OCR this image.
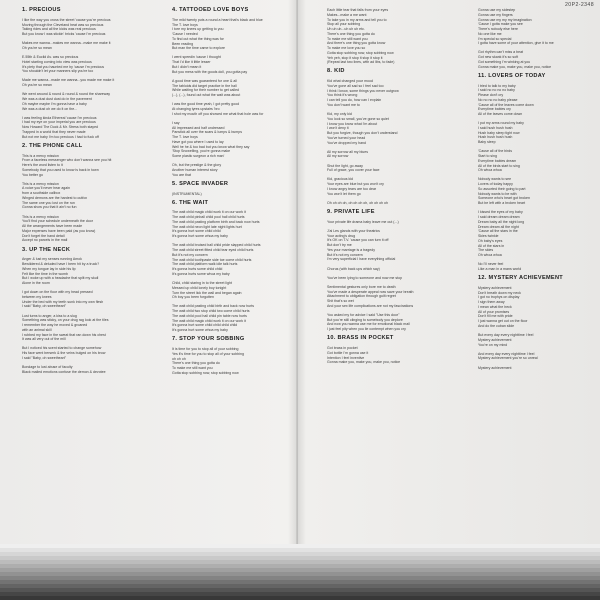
20P2-2348
1. PRECIOUS
I like the way you cross the street 'cause you're precious
Moving through the Cleveland heat was so precious
Taking rides and all the kicks was real precious
But you know I was stickin' bricks 'cause I'm precious
Makes me wanna...makes me wanna...make me make it
Oh you're so mean
E.55th & Euclid Av. was so precious
Hotel starting coming into view was precious
It's piety that you haunted me by 'cause I'm precious
You shouldn't let your manners slip you're too
Made me wanna...made me wanna...you made me make it
Oh you're so mean
We went around & round & round & round the shareway
We was a dust dust dust do in the pavement
Oh maybe maybe I'm gonna have a baby
We was a dust oh we do it on the...
I was feeling kinda Ethereal 'cause I'm precious
I had my eye on your imperial you are precious
Now Howard The Duck & Mr. Stress both stayed
Trapped in a world that they never made
But not me baby I'm too precious I had to fuck off
2. THE PHONE CALL
This is a mercy mission
From a faceless messenger who don't wanna see you hit
Here's the word listen to it
Somebody that you used to know is back in town
You better go
This is a mercy mission
A voice you'll never hear again
from a southside callbox
Winged demons are the hardest to outfox
The same one you lost on the run
Gonna show you that it ain't no fun
This is a mercy mission
You'll find your schedule underneath the door
All the arrangements have been made
Major expenses have been paid (as you know)
Don't forget the hand detail
Accept no parcels in the mail
3. UP THE NECK
Anger & lust my senses running Amok
Bewildered & deluded have I been hit by a truck?
When my tongue lay in side his lip
Felt like the time in the womb
But I woke up with a headache that split my skull
Alone in the room
I got down on the floor with my head pressed
between my knees
Under the bed with my teeth sunk into my own flesh
I said "Baby, oh sweetheart"
Lust turns to anger, a kiss to a slug
Something was sticky, on your drug rag look at the tiles
I remember the way he moved & groaned
with an animal skill
I rubbed my face in the sweat that ran down his chest
It was all very out of the mill
But I noticed his scent started to change somehow
His face went berserk & the veins bulged on his brow
I said "Baby, oh sweetheart"
Bondage to lust abuse of faculty
Black mailed emotions confuse the demon & devotee
4. TATTOOED LOVE BOYS
The mild twenty puts a round a heart that's black and blue
The T. love boys
I tore my knees up getting to you
'Cause I needed
To find out what the thing was for
Been reading
But man the time came to explore
I went speedin 'cause I thought
That I'd like it little lesser
But I didn't mean it
But you mess with the goods doll, you gotta pay
A good time was guaranteed for one & all
The tabloids did target practice in the hall
While waiting for their number to get called
(...), (...), found out what the wait was about
I was the good time yeah, I got pretty good
At changing tyres upstairs 'bro
I shot my mouth off you showed me what that hole was for
I say
All impressed and half undressed
Panstick all over the scars & lumps & bumps
The T. love boys
Have got you where I used to lay
Well he he & too bad but you know what they say
'Stop Snowelling, you're gonna make
Some plastic surgeon a rich man'
Oh, but the prestige & the glory
Another human interest story
You are that
5. SPACE INVADER
(INSTRUMENTAL)
6. THE WAIT
The wait child magic child work it on our work it
The wait child pinball child pool hall child hurts
The wait child pasting platform birth and back now hurts
The wait child neon light late night lights hurt
It's gonna hurt some child child
It's gonna hurt some whoa my baby
The wait child bruised ball child pride slapped child hurts
The wait child street fitted child tear eyed child hurts
But it's not my concern
The wait child toothpaste side toe come child hurts
The wait child platform walk idle talk hurts
It's gonna hurts some child child
It's gonna hurts some whoa my baby
Child, child staring in to the street light
Messed up child lonely boy tonight
Turn the street lick the wall and began again
Oh boy you been forgotten
The wait child pasting child birth and back now hurts
The wait child two stop child two come child hurts
The wait child pool hall child pin table now hurts
The wait child magic child work it on our work it
It's gonna hurt some child child child child
It's gonna hurt some whoa my baby
7. STOP YOUR SOBBING
It is time for you to stop all of your sobbing
Yes it's time for you to stop all of your sobbing
oh oh oh
There's one thing you gotta do
To make me still want you
Gotta stop sobbing now, stop sobbing now
Each little tear that falls from your eyes
Makes...make a me want
To take you in my arms and tell you to
Stop all your sobbing
Uh uh uh...uh uh uh etc.
There's one thing you gotta do
To make me still want you
And there's one thing you gotta know
To make me love you so
Gotta stop sobbing now, stop sobbing now
Yeh yeh, stop it stop it stop it stop it
(Repeat last two lines, with ad libs, to fade)
8. KID
Kid what changed your mood
You've gone all sad so I feel sad too
I think I know, some things you never outgrow
You think it's wrong
I can tell you do, how can I explain
You don't want me to
Kid, my only kid
You look so small, you've gone so quiet
I know you know what I'm about
I won't deny it
But you forgive, though you don't understand
You've turned your head
You've dropped my hand
All my sorrow all my blues
All my sorrow
Shut the light, go away
Full of grace, you cover your face
Kid, gracious kid
Your eyes are blue but you won't cry
I know angry tears are too dear
You won't let them go
Oh oh oh oh, oh oh oh oh, oh oh oh oh
9. PRIVATE LIFE
Your private life drama baby leave me out (...)
J'ai Les glands with your theatrics
Your acting's drug
It's OK on T.V. 'cause you can turn it off
But don't try me
Yes your marriage is a tragedy
But it's not my concern
I'm very superficial I have everything official
Chorus (with back ups which say)
You've been lying to someone and now me stop
Sentimental gestures only bore me to death
You've made a desperate appeal now save your breath
Attachment to obligation through guilt regret
Shit that's so wet
And your sex life complications are not my fascinations
You asked my for advice I said "Use this door"
But you're still clinging to somebody you deplore
And now you wanna use me for emotional black mail
I just feel pity when you lie contempt when you cry
10. BRASS IN POCKET
Got brass in pocket
Got bottle I'm gonna use it
Intention I feel inventive
Gonna make you, make you, make you, notice
Gonna use my sidestep
Gonna use my fingers
Gonna use my my my imagination
'Cause I gotta make you see
There's nobody else here
No one like me
I'm special so special
I gotta have some of your attention, give it to me
Got rhythm can't miss a beat
Got new skank it's so soft
Got something I'm winking at you
Gonna make you, make you, make you, notice
11. LOVERS OF TODAY
I tried to talk to my baby
I said no no no no baby
Please don't cry
No no no no baby please
'Cause all of the leaves come down
Everytime babies cry
All of the leaves come down
I put my arms round my baby
I said hush hush hush
Hush baby sleep tight now
Hush hush hush hush
Baby sleep
'Cause all of the birds
Start to sing
Everytime babies dream
All of the birds start to sing
Oh whoa whoa
Nobody wants to see
Lovers of today happy
So assorted their going to part
Nobody wants to be with
Someone who's heart got broken
But be left with a broken heart
I kissed the eyes of my baby
I said dream dream dream
Dream baby all the night long
Dream dream all the night
'Cause all the stars in the
Skies twinkle
Oh baby's eyes
All of the stars in
The skies
Oh whoa whoa
No I'll never feel
Like a man in a mans world
12. MYSTERY ACHIEVEMENT
Mystery achievement
Don't breath down my neck
I got no trophys on display
I sign them away
I mean what the heck
All of your promises
Don't fill me with pride
I just wanna get out on the floor
And do the cuban slide
But every day every nighttime I feel
Mystery achievement
You're on my mind
And every day every nighttime I feel
Mystery achievement you're so unreal
Mystery achievement
